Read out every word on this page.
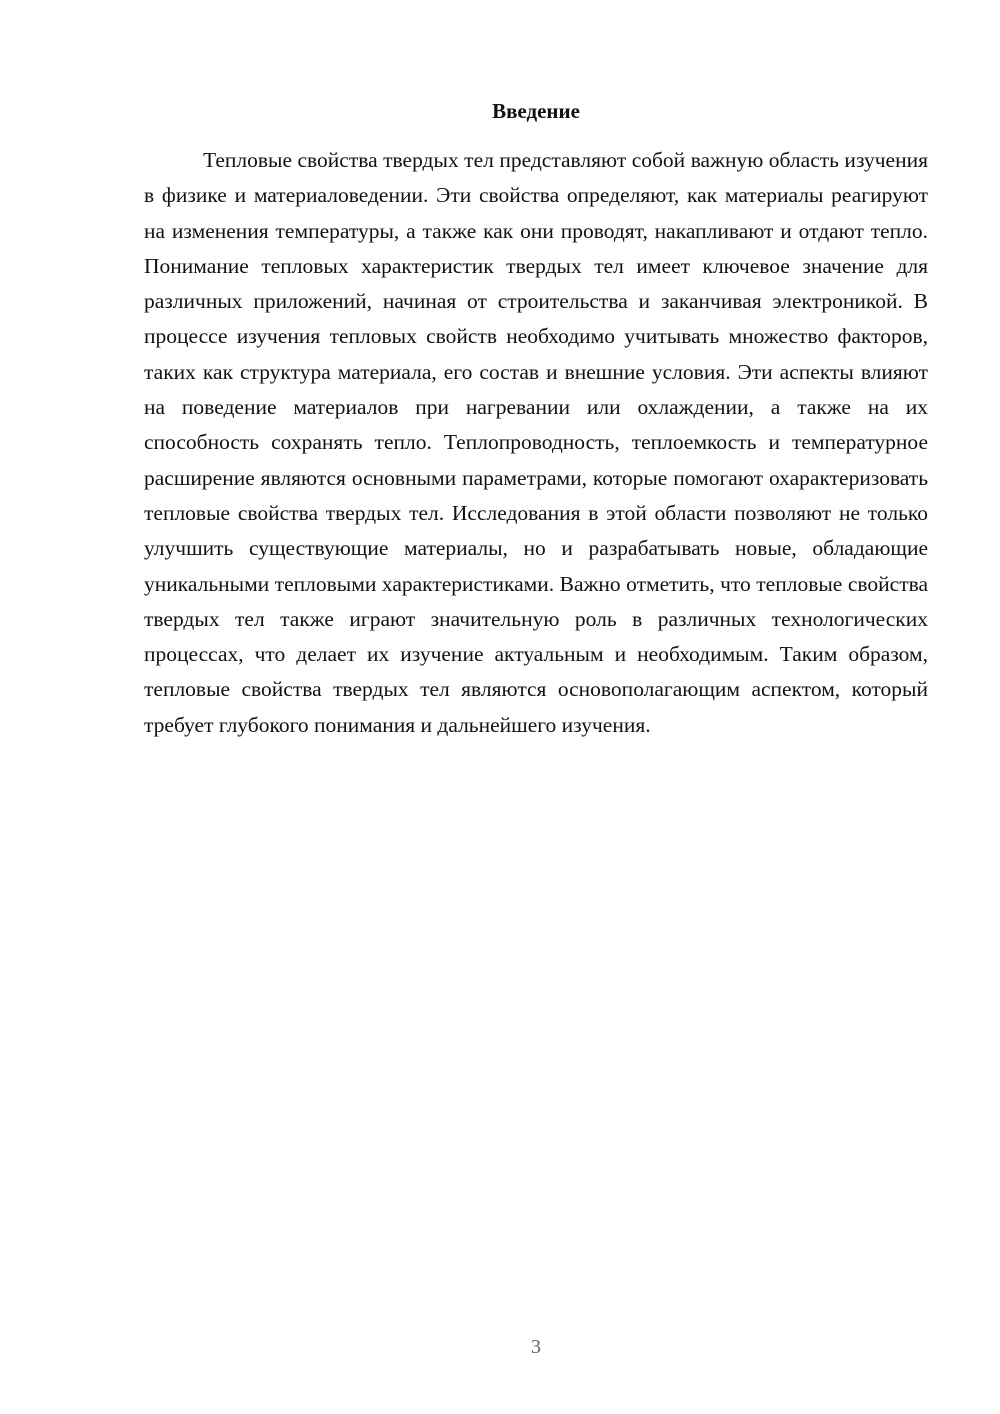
Введение

Тепловые свойства твердых тел представляют собой важную область изучения в физике и материаловедении. Эти свойства определяют, как материалы реагируют на изменения температуры, а также как они проводят, накапливают и отдают тепло. Понимание тепловых характеристик твердых тел имеет ключевое значение для различных приложений, начиная от строительства и заканчивая электроникой. В процессе изучения тепловых свойств необходимо учитывать множество факторов, таких как структура материала, его состав и внешние условия. Эти аспекты влияют на поведение материалов при нагревании или охлаждении, а также на их способность сохранять тепло. Теплопроводность, теплоемкость и температурное расширение являются основными параметрами, которые помогают охарактеризовать тепловые свойства твердых тел. Исследования в этой области позволяют не только улучшить существующие материалы, но и разрабатывать новые, обладающие уникальными тепловыми характеристиками. Важно отметить, что тепловые свойства твердых тел также играют значительную роль в различных технологических процессах, что делает их изучение актуальным и необходимым. Таким образом, тепловые свойства твердых тел являются основополагающим аспектом, который требует глубокого понимания и дальнейшего изучения.

3
